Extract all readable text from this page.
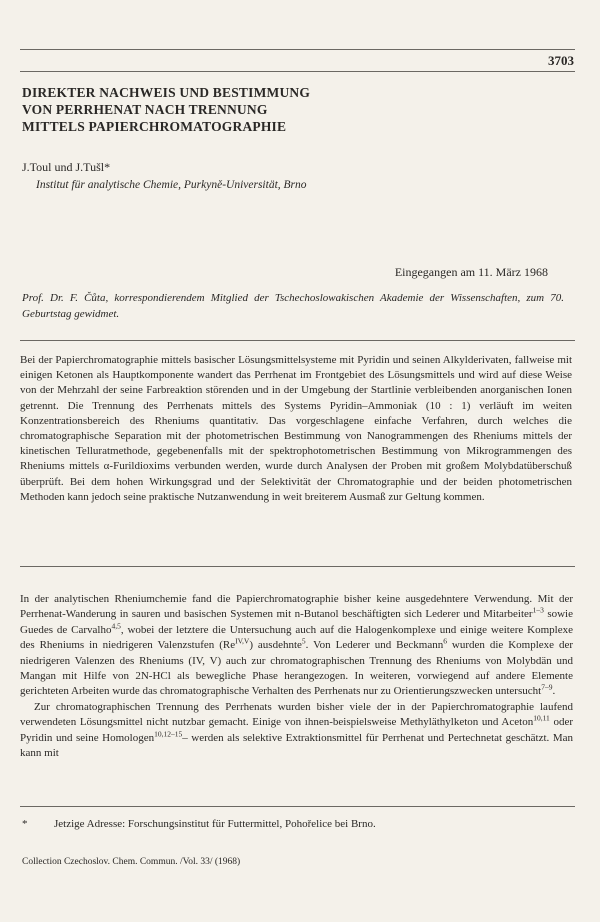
3703
DIREKTER NACHWEIS UND BESTIMMUNG
VON PERRHENAT NACH TRENNUNG
MITTELS PAPIERCHROMATOGRAPHIE
J.Toul und J.Tušl*
Institut für analytische Chemie, Purkyně-Universität, Brno
Eingegangen am 11. März 1968
Prof. Dr. F. Čůta, korrespondierendem Mitglied der Tschechoslowakischen Akademie der Wissenschaften, zum 70. Geburtstag gewidmet.

Bei der Papierchromatographie mittels basischer Lösungsmittelsysteme mit Pyridin und seinen Alkylderivaten, fallweise mit einigen Ketonen als Hauptkomponente wandert das Perrhenat im Frontgebiet des Lösungsmittels und wird auf diese Weise von der Mehrzahl der seine Farbreaktion störenden und in der Umgebung der Startlinie verbleibenden anorganischen Ionen getrennt. Die Trennung des Perrhenats mittels des Systems Pyridin–Ammoniak (10 : 1) verläuft im weiten Konzentrationsbereich des Rheniums quantitativ. Das vorgeschlagene einfache Verfahren, durch welches die chromatographische Separation mit der photometrischen Bestimmung von Nanogrammengen des Rheniums mittels der kinetischen Telluratmethode, gegebenenfalls mit der spektrophotometrischen Bestimmung von Mikrogrammengen des Rheniums mittels α-Furildioxims verbunden werden, wurde durch Analysen der Proben mit großem Molybdatüberschuß überprüft. Bei dem hohen Wirkungsgrad und der Selektivität der Chromatographie und der beiden photometrischen Methoden kann jedoch seine praktische Nutzanwendung in weit breiterem Ausmaß zur Geltung kommen.

In der analytischen Rheniumchemie fand die Papierchromatographie bisher keine ausgedehntere Verwendung. Mit der Perrhenat-Wanderung in sauren und basischen Systemen mit n-Butanol beschäftigten sich Lederer und Mitarbeiter$^{1-3}$ sowie Guedes de Carvalho$^{4,5}$, wobei der letztere die Untersuchung auch auf die Halogenkomplexe und einige weitere Komplexe des Rheniums in niedrigeren Valenzstufen $(Re^{IV,V})$ ausdehnte$^5$. Von Lederer und Beckmann$^6$ wurden die Komplexe der niedrigeren Valenzen des Rheniums (IV, V) auch zur chromatographischen Trennung des Rheniums von Molybdän und Mangan mit Hilfe von 2N-HCl als bewegliche Phase herangezogen. In weiteren, vorwiegend auf andere Elemente gerichteten Arbeiten wurde das chromatographische Verhalten des Perrhenats nur zu Orientierungszwecken untersucht$^{7-9}$.

Zur chromatographischen Trennung des Perrhenats wurden bisher viele der in der Papierchromatographie laufend verwendeten Lösungsmittel nicht nutzbar gemacht. Einige von ihnen-beispielsweise Methyläthylketon und Aceton$^{10,11}$ oder Pyridin und seine Homologen$^{10,12-15}$– werden als selektive Extraktionsmittel für Perrhenat und Pertechnetat geschätzt. Man kann mit

* Jetzige Adresse: Forschungsinstitut für Futtermittel, Pohořelice bei Brno.
Collection Czechoslov. Chem. Commun. /Vol. 33/ (1968)
